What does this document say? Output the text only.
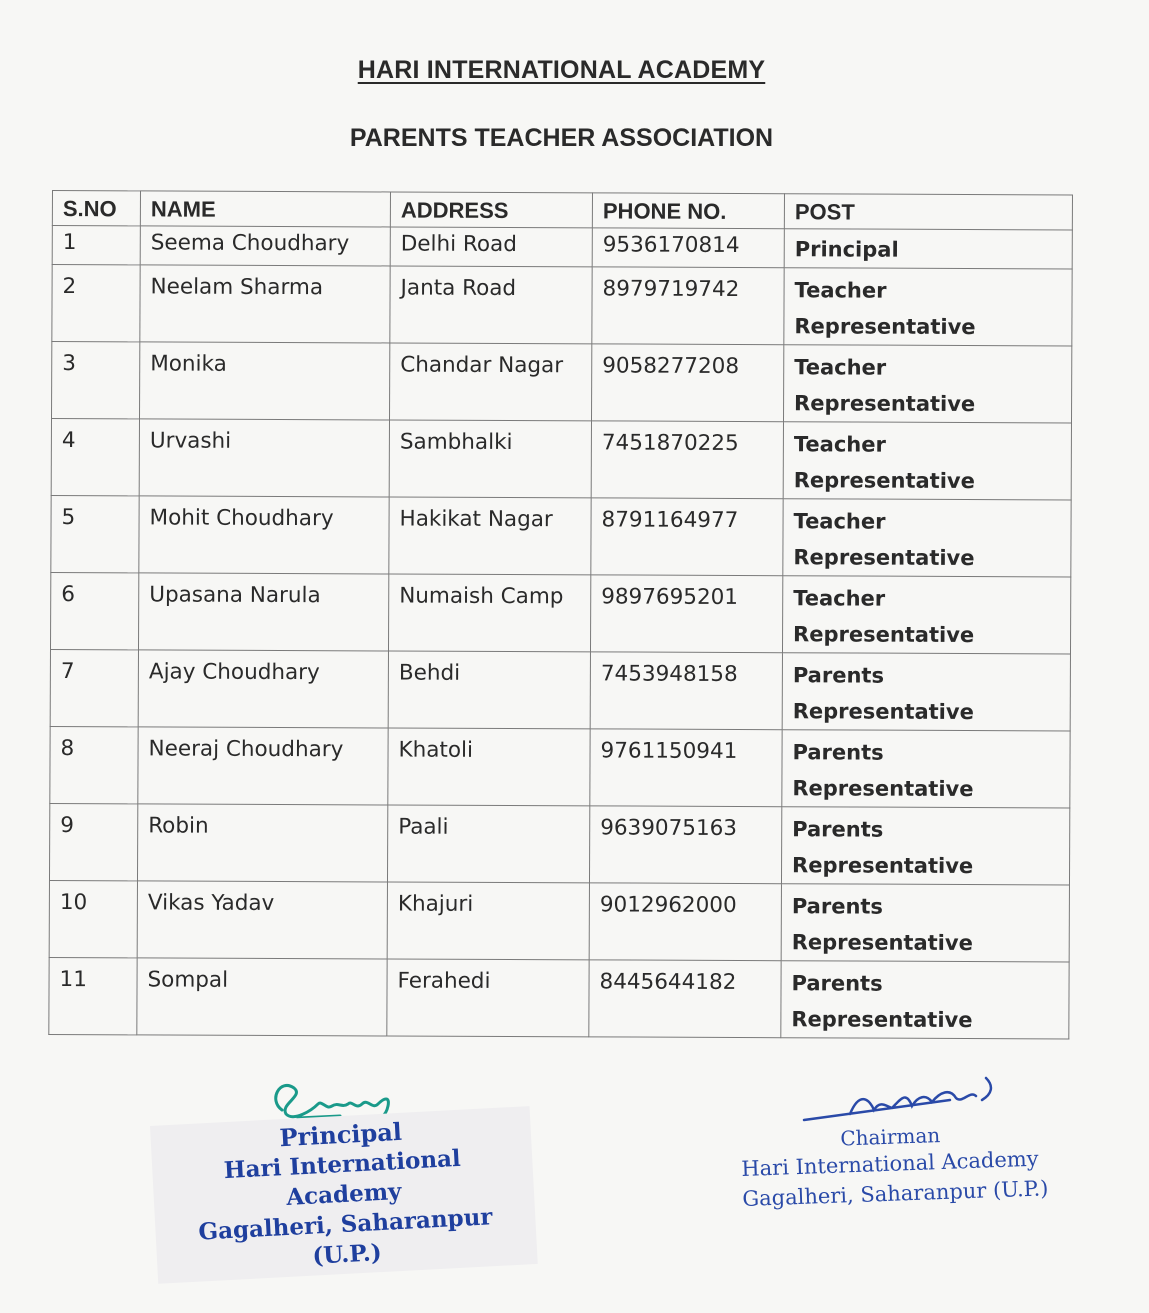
HARI INTERNATIONAL ACADEMY
PARENTS TEACHER ASSOCIATION
S.NO	NAME	ADDRESS	PHONE NO.	POST
1	Seema Choudhary	Delhi Road	9536170814	Principal
2	Neelam Sharma	Janta Road	8979719742	Teacher Representative
3	Monika	Chandar Nagar	9058277208	Teacher Representative
4	Urvashi	Sambhalki	7451870225	Teacher Representative
5	Mohit Choudhary	Hakikat Nagar	8791164977	Teacher Representative
6	Upasana Narula	Numaish Camp	9897695201	Teacher Representative
7	Ajay Choudhary	Behdi	7453948158	Parents Representative
8	Neeraj Choudhary	Khatoli	9761150941	Parents Representative
9	Robin	Paali	9639075163	Parents Representative
10	Vikas Yadav	Khajuri	9012962000	Parents Representative
11	Sompal	Ferahedi	8445644182	Parents Representative
Principal
Hari International Academy
Gagalheri, Saharanpur (U.P.)
Chairman
Hari International Academy
Gagalheri, Saharanpur (U.P.)
